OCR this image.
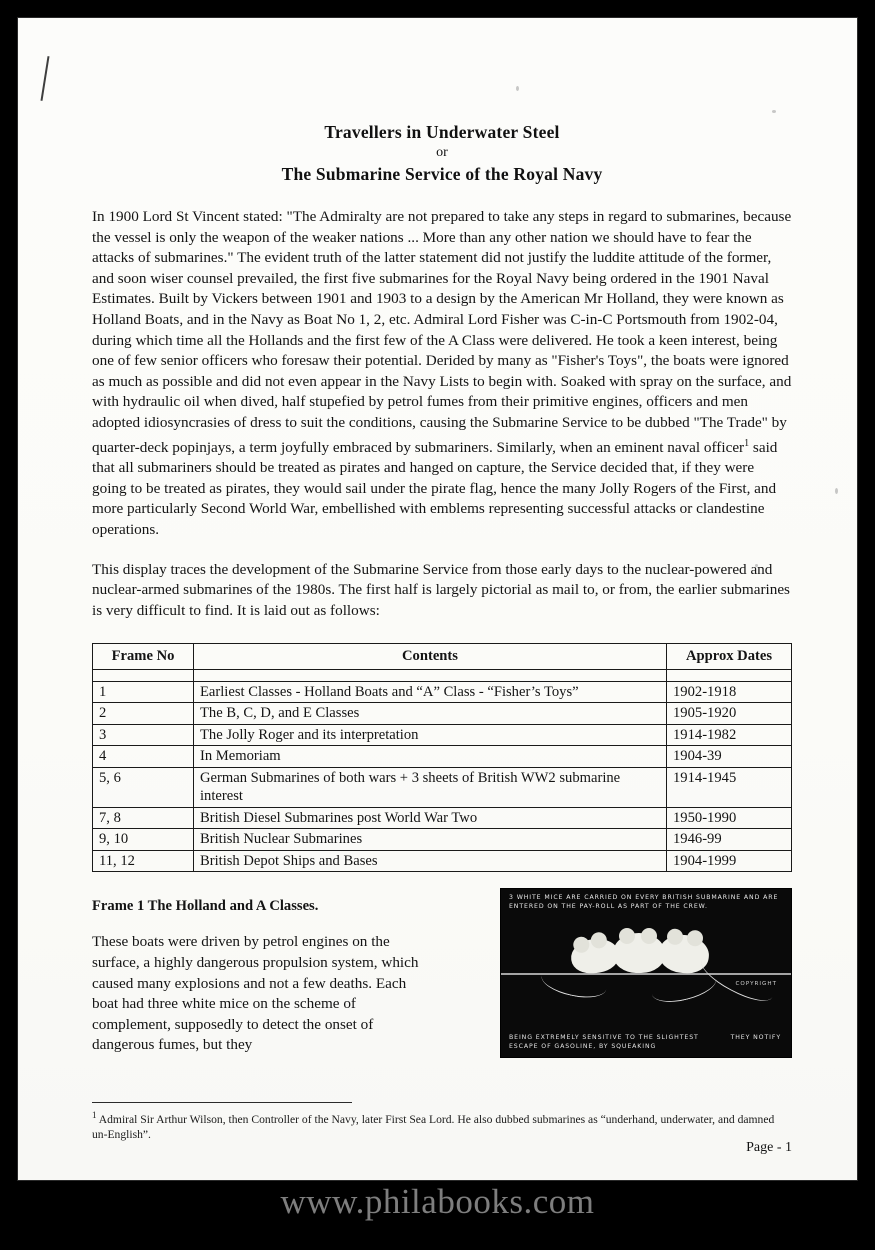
Travellers in Underwater Steel
or
The Submarine Service of the Royal Navy

In 1900 Lord St Vincent stated: "The Admiralty are not prepared to take any steps in regard to submarines, because the vessel is only the weapon of the weaker nations ... More than any other nation we should have to fear the attacks of submarines." The evident truth of the latter statement did not justify the luddite attitude of the former, and soon wiser counsel prevailed, the first five submarines for the Royal Navy being ordered in the 1901 Naval Estimates. Built by Vickers between 1901 and 1903 to a design by the American Mr Holland, they were known as Holland Boats, and in the Navy as Boat No 1, 2, etc. Admiral Lord Fisher was C-in-C Portsmouth from 1902-04, during which time all the Hollands and the first few of the A Class were delivered. He took a keen interest, being one of few senior officers who foresaw their potential. Derided by many as "Fisher's Toys", the boats were ignored as much as possible and did not even appear in the Navy Lists to begin with. Soaked with spray on the surface, and with hydraulic oil when dived, half stupefied by petrol fumes from their primitive engines, officers and men adopted idiosyncrasies of dress to suit the conditions, causing the Submarine Service to be dubbed "The Trade" by quarter-deck popinjays, a term joyfully embraced by submariners. Similarly, when an eminent naval officer$^1$ said that all submariners should be treated as pirates and hanged on capture, the Service decided that, if they were going to be treated as pirates, they would sail under the pirate flag, hence the many Jolly Rogers of the First, and more particularly Second World War, embellished with emblems representing successful attacks or clandestine operations.

This display traces the development of the Submarine Service from those early days to the nuclear-powered and nuclear-armed submarines of the 1980s. The first half is largely pictorial as mail to, or from, the earlier submarines is very difficult to find. It is laid out as follows:

Frame No	Contents	Approx Dates

1	Earliest Classes - Holland Boats and “A” Class - “Fisher’s Toys”	1902-1918
2	The B, C, D, and E Classes	1905-1920
3	The Jolly Roger and its interpretation	1914-1982
4	In Memoriam	1904-39
5, 6	German Submarines of both wars + 3 sheets of British WW2 submarine interest	1914-1945
7, 8	British Diesel Submarines post World War Two	1950-1990
9, 10	British Nuclear Submarines	1946-99
11, 12	British Depot Ships and Bases	1904-1999
Frame 1 The Holland and A Classes.
These boats were driven by petrol engines on the surface, a highly dangerous propulsion system, which caused many explosions and not a few deaths. Each boat had three white mice on the scheme of complement, supposedly to detect the onset of dangerous fumes, but they
3 WHITE MICE ARE CARRIED ON EVERY BRITISH SUBMARINE AND ARE ENTERED ON THE PAY-ROLL AS PART OF THE CREW.
COPYRIGHT
THEY NOTIFY
BEING EXTREMELY SENSITIVE TO THE SLIGHTEST ESCAPE OF GASOLINE, BY SQUEAKING
$^1$ Admiral Sir Arthur Wilson, then Controller of the Navy, later First Sea Lord. He also dubbed submarines as “underhand, underwater, and damned un-English”.
Page - 1
www.philabooks.com
